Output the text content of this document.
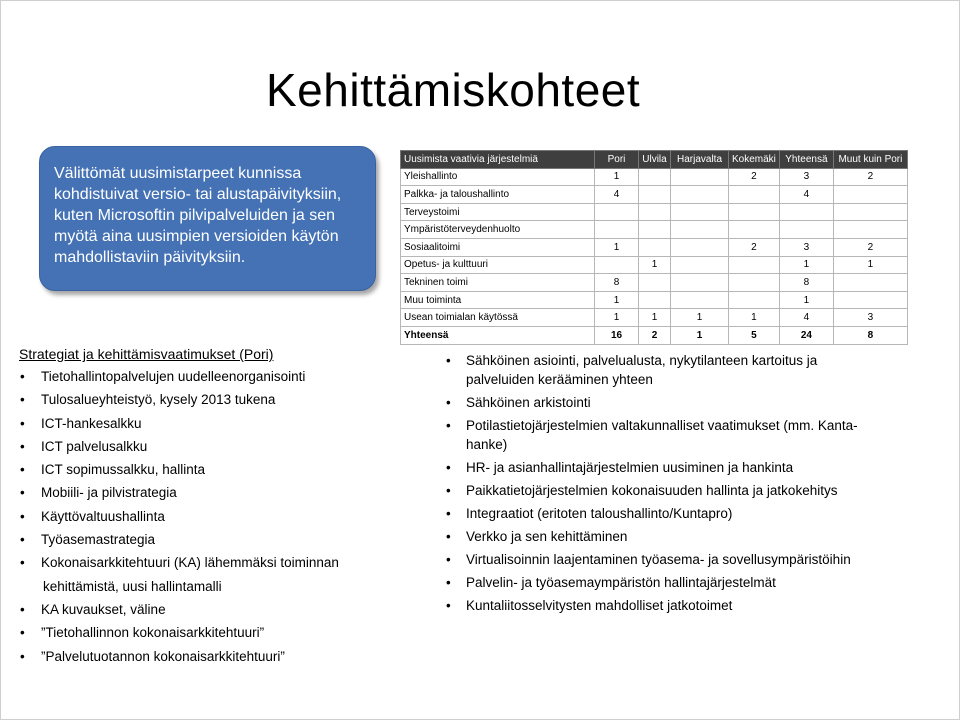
Kehittämiskohteet
Välittömät uusimistarpeet kunnissa
kohdistuivat versio- tai alustapäivityksiin,
kuten Microsoftin pilvipalveluiden ja sen
myötä aina uusimpien versioiden käytön
mahdollistaviin päivityksiin.
Uusimista vaativia järjestelmiä	Pori	Ulvila	Harjavalta	Kokemäki	Yhteensä	Muut kuin Pori
Yleishallinto	1			2	3	2
Palkka- ja taloushallinto	4				4	
Terveystoimi						
Ympäristöterveydenhuolto						
Sosiaalitoimi	1			2	3	2
Opetus- ja kulttuuri		1			1	1
Tekninen toimi	8				8	
Muu toiminta	1				1	
Usean toimialan käytössä	1	1	1	1	4	3
Yhteensä	16	2	1	5	24	8
Strategiat ja kehittämisvaatimukset (Pori)
• Tietohallintopalvelujen uudelleenorganisointi
• Tulosalueyhteistyö, kysely 2013 tukena
• ICT-hankesalkku
• ICT palvelusalkku
• ICT sopimussalkku, hallinta
• Mobiili- ja pilvistrategia
• Käyttövaltuushallinta
• Työasemastrategia
• Kokonaisarkkitehtuuri (KA) lähemmäksi toiminnan
kehittämistä, uusi hallintamalli
• KA kuvaukset, väline
• ”Tietohallinnon kokonaisarkkitehtuuri”
• ”Palvelutuotannon kokonaisarkkitehtuuri”
• Sähköinen asiointi, palvelualusta, nykytilanteen kartoitus ja
palveluiden kerääminen yhteen
• Sähköinen arkistointi
• Potilastietojärjestelmien valtakunnalliset vaatimukset (mm. Kanta-
hanke)
• HR- ja asianhallintajärjestelmien uusiminen ja hankinta
• Paikkatietojärjestelmien kokonaisuuden hallinta ja jatkokehitys
• Integraatiot (eritoten taloushallinto/Kuntapro)
• Verkko ja sen kehittäminen
• Virtualisoinnin laajentaminen työasema- ja sovellusympäristöihin
• Palvelin- ja työasemaympäristön hallintajärjestelmät
• Kuntaliitosselvitysten mahdolliset jatkotoimet
